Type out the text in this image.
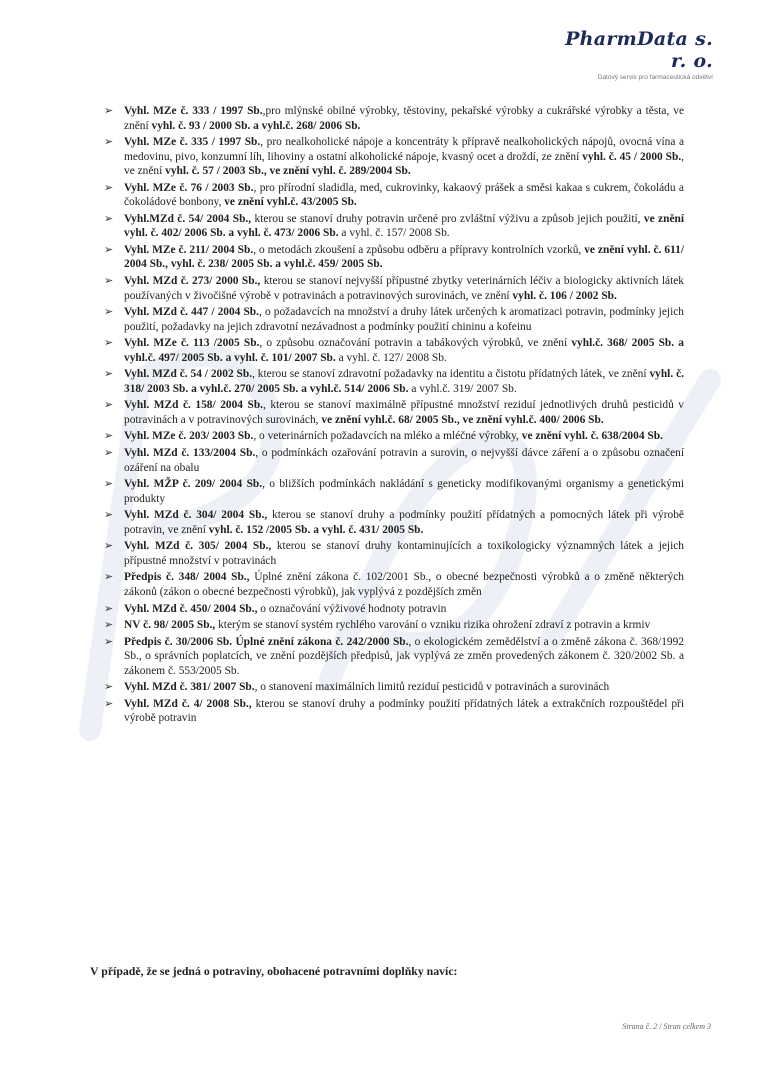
PharmData s. r. o.
Datový servis pro farmaceutická odvětví
➢ Vyhl. MZe č. 333 / 1997 Sb.,pro mlýnské obilné výrobky, těstoviny, pekařské výrobky a cukrářské výrobky a těsta, ve znění vyhl. č. 93 / 2000 Sb. a vyhl.č. 268/ 2006 Sb.
➢ Vyhl. MZe č. 335 / 1997 Sb., pro nealkoholické nápoje a koncentráty k přípravě nealkoholických nápojů, ovocná vína a medovinu, pivo, konzumní líh, lihoviny a ostatní alkoholické nápoje, kvasný ocet a droždí, ze znění vyhl. č. 45 / 2000 Sb., ve znění vyhl. č. 57 / 2003 Sb., ve znění vyhl. č. 289/2004 Sb.
➢ Vyhl. MZe č. 76 / 2003 Sb., pro přírodní sladidla, med, cukrovinky, kakaový prášek a směsi kakaa s cukrem, čokoládu a čokoládové bonbony, ve znění vyhl.č. 43/2005 Sb.
➢ Vyhl.MZd č. 54/ 2004 Sb., kterou se stanoví druhy potravin určené pro zvláštní výživu a způsob jejich použití, ve znění vyhl. č. 402/ 2006 Sb. a vyhl. č. 473/ 2006 Sb. a vyhl. č. 157/ 2008 Sb.
➢ Vyhl. MZe č. 211/ 2004 Sb., o metodách zkoušení a způsobu odběru a přípravy kontrolních vzorků, ve znění vyhl. č. 611/ 2004 Sb., vyhl. č. 238/ 2005 Sb. a vyhl.č. 459/ 2005 Sb.
➢ Vyhl. MZd č. 273/ 2000 Sb., kterou se stanoví nejvyšší přípustné zbytky veterinárních léčiv a biologicky aktivních látek používaných v živočišné výrobě v potravinách a potravinových surovinách, ve znění vyhl. č. 106 / 2002 Sb.
➢ Vyhl. MZd č. 447 / 2004 Sb., o požadavcích na množství a druhy látek určených k aromatizaci potravin, podmínky jejich použití, požadavky na jejich zdravotní nezávadnost a podmínky použití chininu a kofeinu
➢ Vyhl. MZe č. 113 /2005 Sb., o způsobu označování potravin a tabákových výrobků, ve znění vyhl.č. 368/ 2005 Sb. a vyhl.č. 497/ 2005 Sb. a vyhl. č. 101/ 2007 Sb. a vyhl. č. 127/ 2008 Sb.
➢ Vyhl. MZd č. 54 / 2002 Sb., kterou se stanoví zdravotní požadavky na identitu a čistotu přídatných látek, ve znění vyhl. č. 318/ 2003 Sb. a vyhl.č. 270/ 2005 Sb. a vyhl.č. 514/ 2006 Sb. a vyhl.č. 319/ 2007 Sb.
➢ Vyhl. MZd č. 158/ 2004 Sb., kterou se stanoví maximálně přípustné množství reziduí jednotlivých druhů pesticidů v potravinách a v potravinových surovinách, ve znění vyhl.č. 68/ 2005 Sb., ve znění vyhl.č. 400/ 2006 Sb.
➢ Vyhl. MZe č. 203/ 2003 Sb., o veterinárních požadavcích na mléko a mléčné výrobky, ve znění vyhl. č. 638/2004 Sb.
➢ Vyhl. MZd č. 133/2004 Sb., o podmínkách ozařování potravin a surovin, o nejvyšší dávce záření a o způsobu označení ozáření na obalu
➢ Vyhl. MŽP č. 209/ 2004 Sb., o bližších podmínkách nakládání s geneticky modifikovanými organismy a genetickými produkty
➢ Vyhl. MZd č. 304/ 2004 Sb., kterou se stanoví druhy a podmínky použití přídatných a pomocných látek při výrobě potravin, ve znění vyhl. č. 152 /2005 Sb. a vyhl. č. 431/ 2005 Sb.
➢ Vyhl. MZd č. 305/ 2004 Sb., kterou se stanoví druhy kontaminujících a toxikologicky významných látek a jejich přípustné množství v potravinách
➢ Předpis č. 348/ 2004 Sb., Úplné znění zákona č. 102/2001 Sb., o obecné bezpečnosti výrobků a o změně některých zákonů (zákon o obecné bezpečnosti výrobků), jak vyplývá z pozdějších změn
➢ Vyhl. MZd č. 450/ 2004 Sb., o označování výživové hodnoty potravin
➢ NV č. 98/ 2005 Sb., kterým se stanoví systém rychlého varování o vzniku rizika ohrožení zdraví z potravin a krmiv
➢ Předpis č. 30/2006 Sb. Úplné znění zákona č. 242/2000 Sb., o ekologickém zemědělství a o změně zákona č. 368/1992 Sb., o správních poplatcích, ve znění pozdějších předpisů, jak vyplývá ze změn provedených zákonem č. 320/2002 Sb. a zákonem č. 553/2005 Sb.
➢ Vyhl. MZd č. 381/ 2007 Sb., o stanovení maximálních limitů reziduí pesticidů v potravinách a surovinách
➢ Vyhl. MZd č. 4/ 2008 Sb., kterou se stanoví druhy a podmínky použití přídatných látek a extrakčních rozpouštědel při výrobě potravin
V případě, že se jedná o potraviny, obohacené potravními doplňky navíc:
Strana č. 2 / Stran celkem 3
